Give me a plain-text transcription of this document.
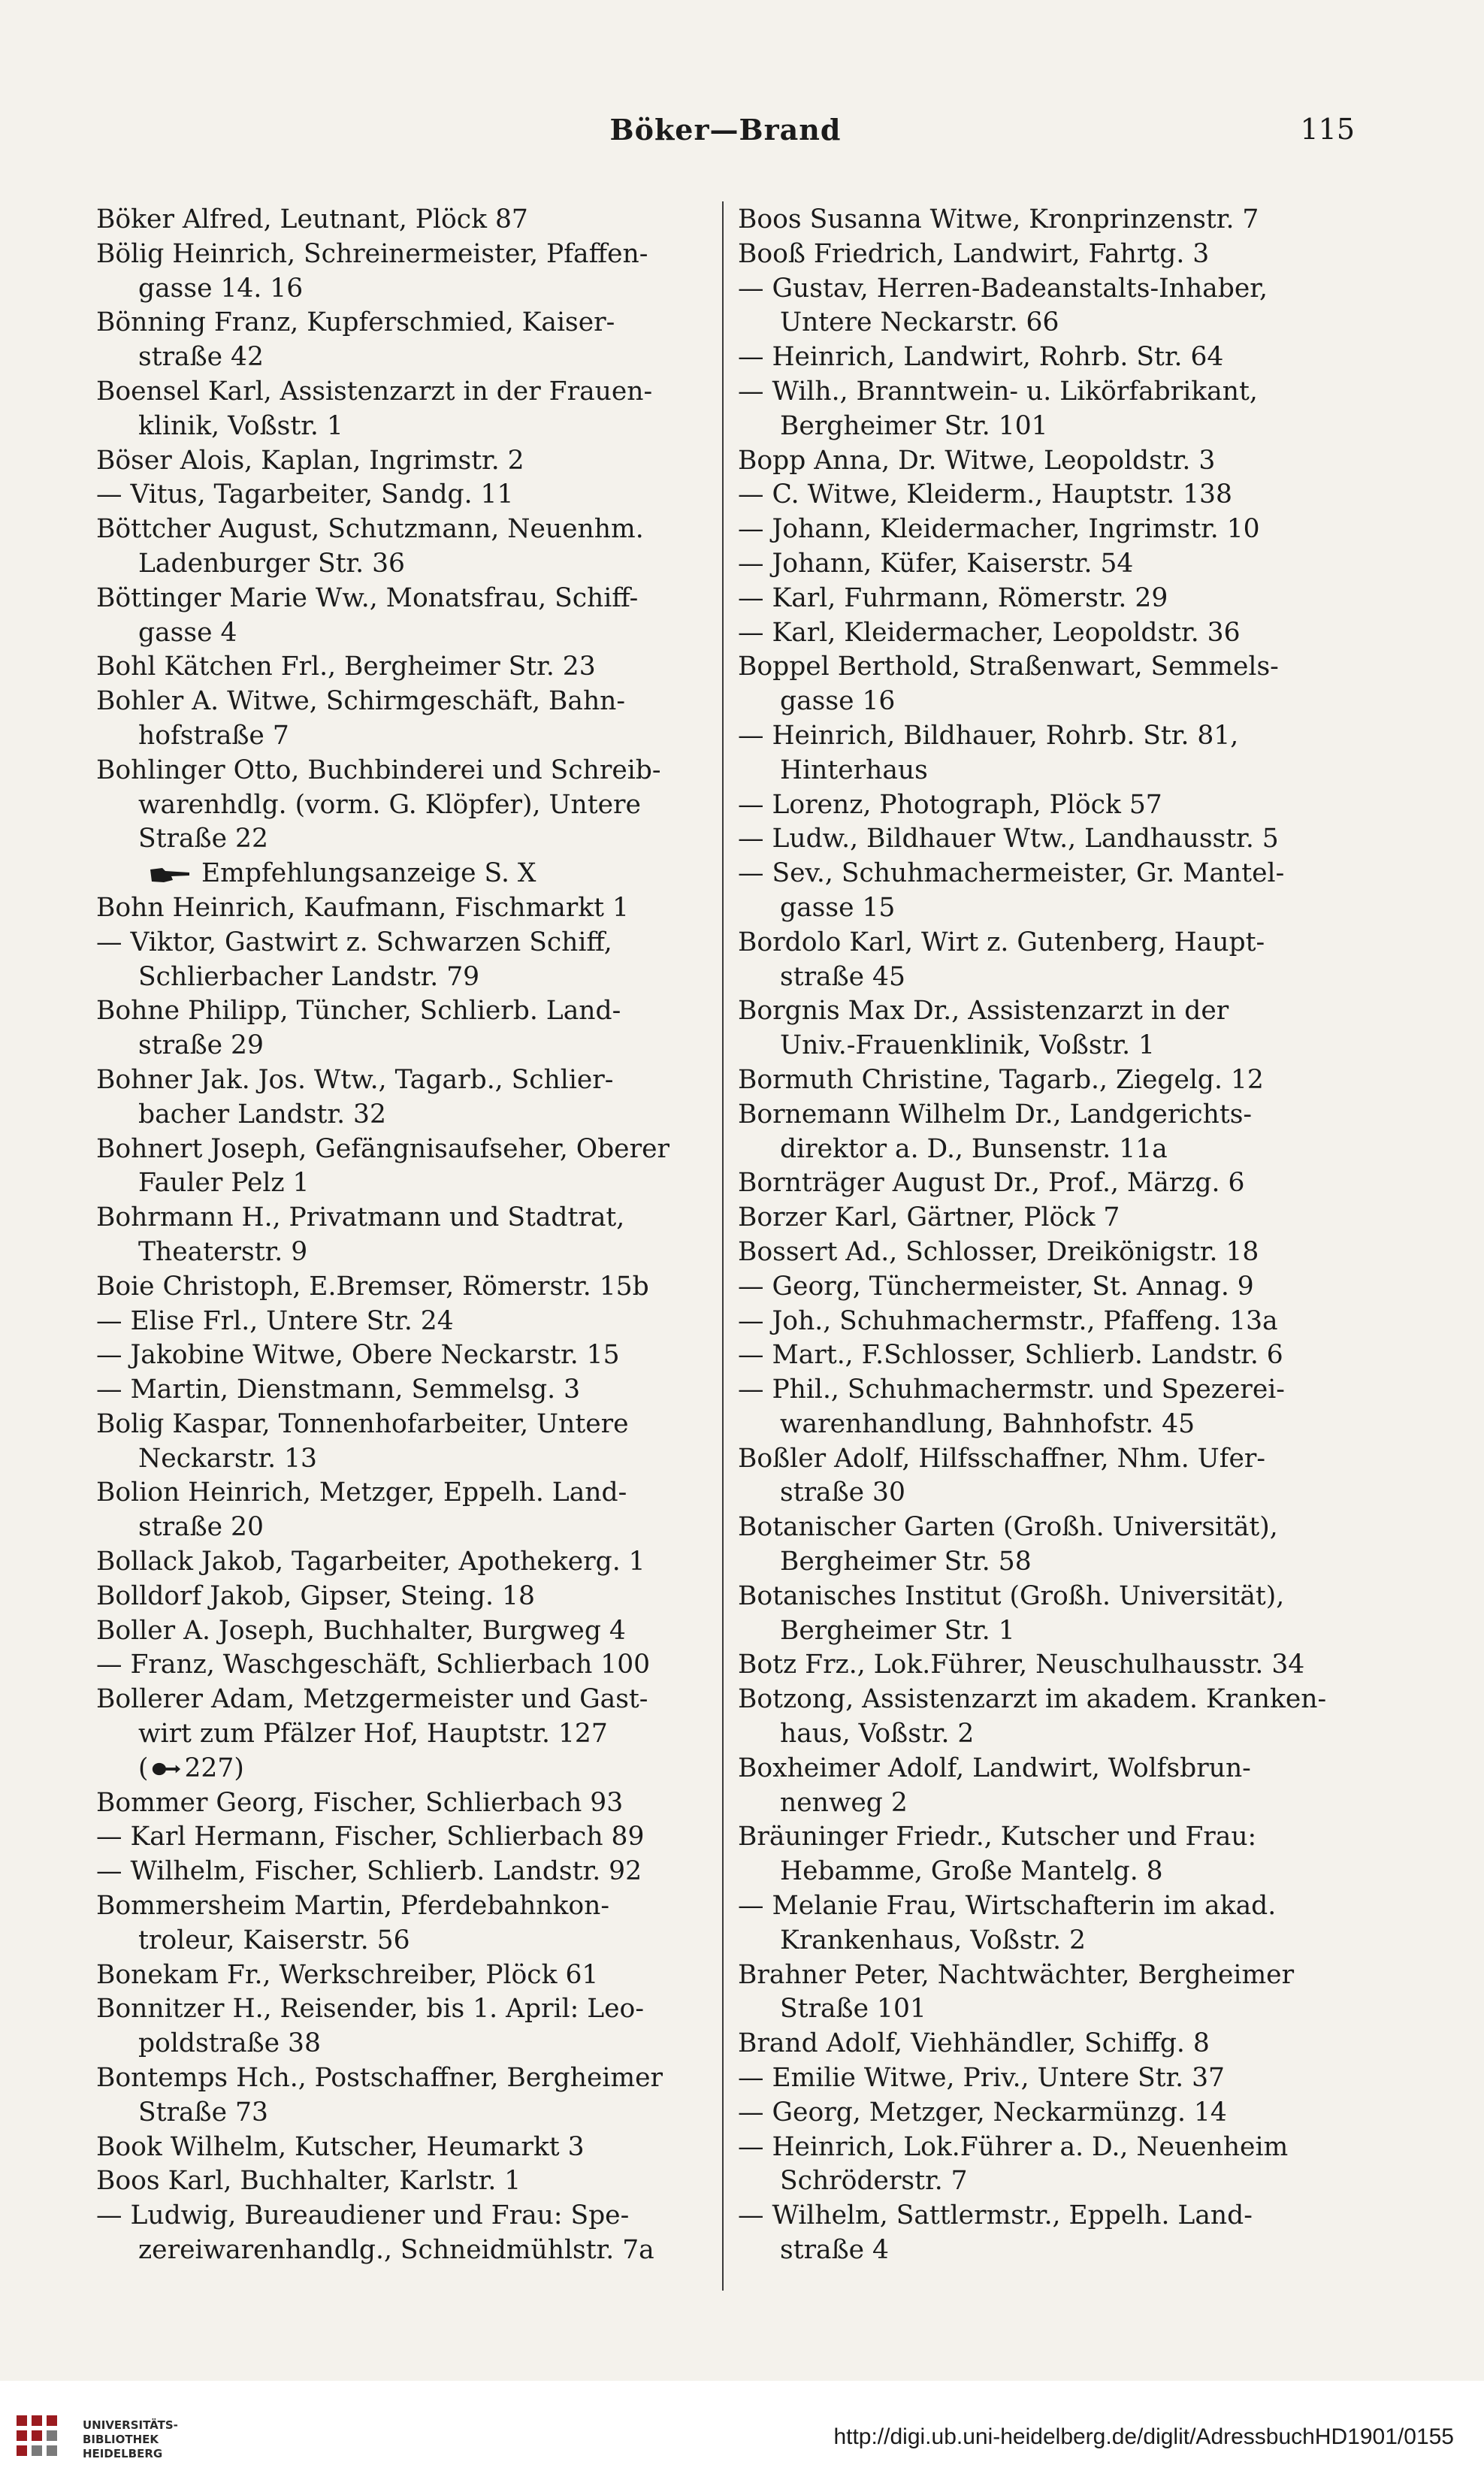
Böker—Brand	115
Böker Alfred, Leutnant, Plöck 87
Bölig Heinrich, Schreinermeister, Pfaffen-
gasse 14. 16
Bönning Franz, Kupferschmied, Kaiser-
straße 42
Boensel Karl, Assistenzarzt in der Frauen-
klinik, Voßstr. 1
Böser Alois, Kaplan, Ingrimstr. 2
— Vitus, Tagarbeiter, Sandg. 11
Böttcher August, Schutzmann, Neuenhm.
Ladenburger Str. 36
Böttinger Marie Ww., Monatsfrau, Schiff-
gasse 4
Bohl Kätchen Frl., Bergheimer Str. 23
Bohler A. Witwe, Schirmgeschäft, Bahn-
hofstraße 7
Bohlinger Otto, Buchbinderei und Schreib-
warenhdlg. (vorm. G. Klöpfer), Untere
Straße 22
Empfehlungsanzeige S. X
Bohn Heinrich, Kaufmann, Fischmarkt 1
— Viktor, Gastwirt z. Schwarzen Schiff,
Schlierbacher Landstr. 79
Bohne Philipp, Tüncher, Schlierb. Land-
straße 29
Bohner Jak. Jos. Wtw., Tagarb., Schlier-
bacher Landstr. 32
Bohnert Joseph, Gefängnisaufseher, Oberer
Fauler Pelz 1
Bohrmann H., Privatmann und Stadtrat,
Theaterstr. 9
Boie Christoph, E.Bremser, Römerstr. 15b
— Elise Frl., Untere Str. 24
— Jakobine Witwe, Obere Neckarstr. 15
— Martin, Dienstmann, Semmelsg. 3
Bolig Kaspar, Tonnenhofarbeiter, Untere
Neckarstr. 13
Bolion Heinrich, Metzger, Eppelh. Land-
straße 20
Bollack Jakob, Tagarbeiter, Apothekerg. 1
Bolldorf Jakob, Gipser, Steing. 18
Boller A. Joseph, Buchhalter, Burgweg 4
— Franz, Waschgeschäft, Schlierbach 100
Bollerer Adam, Metzgermeister und Gast-
wirt zum Pfälzer Hof, Hauptstr. 127
( 227)
Bommer Georg, Fischer, Schlierbach 93
— Karl Hermann, Fischer, Schlierbach 89
— Wilhelm, Fischer, Schlierb. Landstr. 92
Bommersheim Martin, Pferdebahnkon-
troleur, Kaiserstr. 56
Bonekam Fr., Werkschreiber, Plöck 61
Bonnitzer H., Reisender, bis 1. April: Leo-
poldstraße 38
Bontemps Hch., Postschaffner, Bergheimer
Straße 73
Book Wilhelm, Kutscher, Heumarkt 3
Boos Karl, Buchhalter, Karlstr. 1
— Ludwig, Bureaudiener und Frau: Spe-
zereiwarenhandlg., Schneidmühlstr. 7a
Boos Susanna Witwe, Kronprinzenstr. 7
Booß Friedrich, Landwirt, Fahrtg. 3
— Gustav, Herren-Badeanstalts-Inhaber,
Untere Neckarstr. 66
— Heinrich, Landwirt, Rohrb. Str. 64
— Wilh., Branntwein- u. Likörfabrikant,
Bergheimer Str. 101
Bopp Anna, Dr. Witwe, Leopoldstr. 3
— C. Witwe, Kleiderm., Hauptstr. 138
— Johann, Kleidermacher, Ingrimstr. 10
— Johann, Küfer, Kaiserstr. 54
— Karl, Fuhrmann, Römerstr. 29
— Karl, Kleidermacher, Leopoldstr. 36
Boppel Berthold, Straßenwart, Semmels-
gasse 16
— Heinrich, Bildhauer, Rohrb. Str. 81,
Hinterhaus
— Lorenz, Photograph, Plöck 57
— Ludw., Bildhauer Wtw., Landhausstr. 5
— Sev., Schuhmachermeister, Gr. Mantel-
gasse 15
Bordolo Karl, Wirt z. Gutenberg, Haupt-
straße 45
Borgnis Max Dr., Assistenzarzt in der
Univ.-Frauenklinik, Voßstr. 1
Bormuth Christine, Tagarb., Ziegelg. 12
Bornemann Wilhelm Dr., Landgerichts-
direktor a. D., Bunsenstr. 11a
Bornträger August Dr., Prof., Märzg. 6
Borzer Karl, Gärtner, Plöck 7
Bossert Ad., Schlosser, Dreikönigstr. 18
— Georg, Tünchermeister, St. Annag. 9
— Joh., Schuhmachermstr., Pfaffeng. 13a
— Mart., F.Schlosser, Schlierb. Landstr. 6
— Phil., Schuhmachermstr. und Spezerei-
warenhandlung, Bahnhofstr. 45
Boßler Adolf, Hilfsschaffner, Nhm. Ufer-
straße 30
Botanischer Garten (Großh. Universität),
Bergheimer Str. 58
Botanisches Institut (Großh. Universität),
Bergheimer Str. 1
Botz Frz., Lok.Führer, Neuschulhausstr. 34
Botzong, Assistenzarzt im akadem. Kranken-
haus, Voßstr. 2
Boxheimer Adolf, Landwirt, Wolfsbrun-
nenweg 2
Bräuninger Friedr., Kutscher und Frau:
Hebamme, Große Mantelg. 8
— Melanie Frau, Wirtschafterin im akad.
Krankenhaus, Voßstr. 2
Brahner Peter, Nachtwächter, Bergheimer
Straße 101
Brand Adolf, Viehhändler, Schiffg. 8
— Emilie Witwe, Priv., Untere Str. 37
— Georg, Metzger, Neckarmünzg. 14
— Heinrich, Lok.Führer a. D., Neuenheim
Schröderstr. 7
— Wilhelm, Sattlermstr., Eppelh. Land-
straße 4
UNIVERSITÄTS-
BIBLIOTHEK
HEIDELBERG
http://digi.ub.uni-heidelberg.de/diglit/AdressbuchHD1901/0155
